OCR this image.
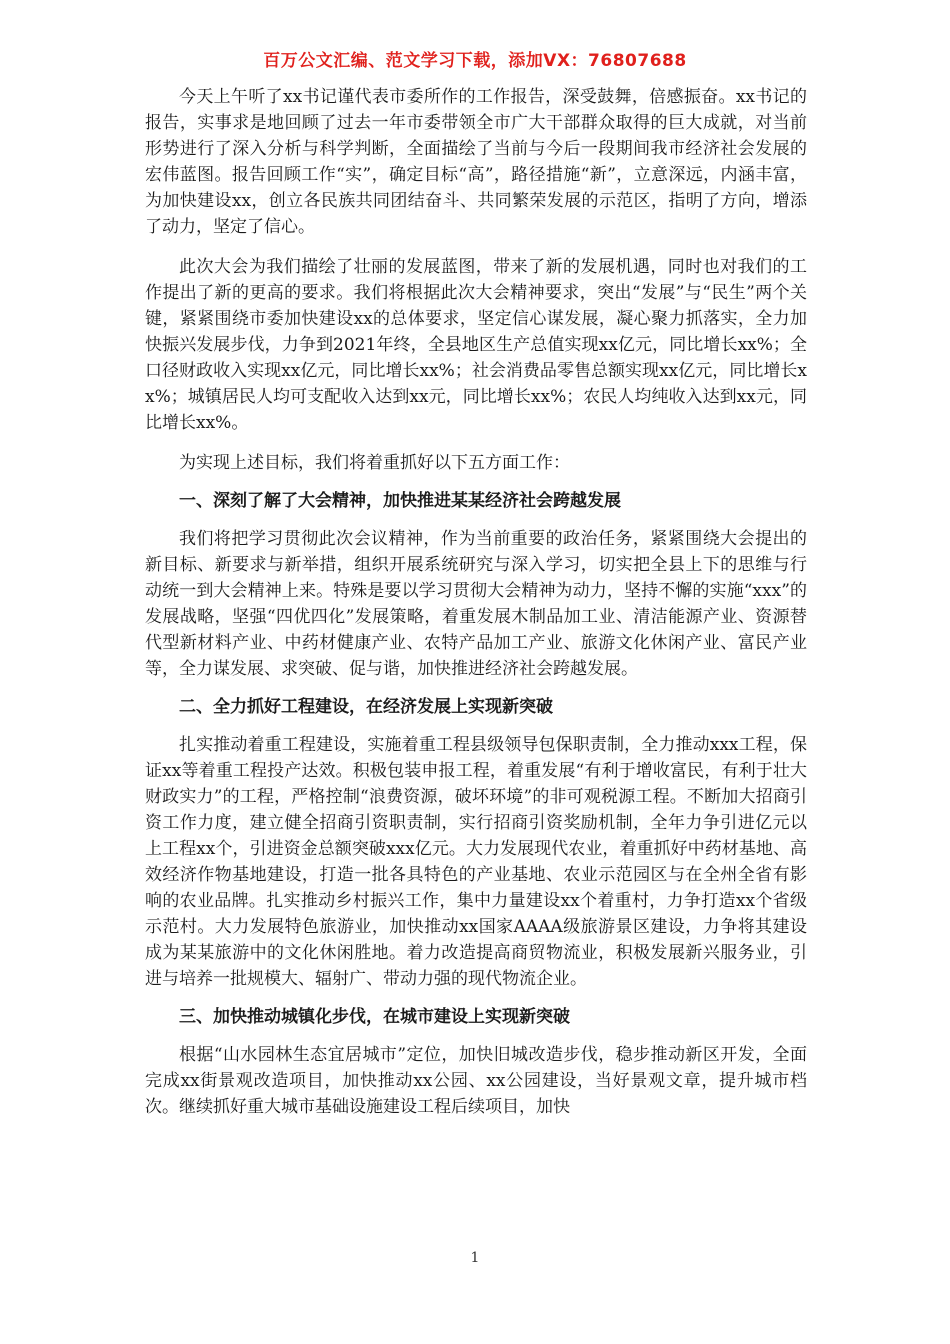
百万公文汇编、范文学习下载，添加VX：76807688

今天上午听了xx书记谨代表市委所作的工作报告，深受鼓舞，倍感振奋。xx书记的报告，实事求是地回顾了过去一年市委带领全市广大干部群众取得的巨大成就，对当前形势进行了深入分析与科学判断，全面描绘了当前与今后一段期间我市经济社会发展的宏伟蓝图。报告回顾工作“实”，确定目标“高”，路径措施“新”，立意深远，内涵丰富，为加快建设xx，创立各民族共同团结奋斗、共同繁荣发展的示范区，指明了方向，增添了动力，坚定了信心。

此次大会为我们描绘了壮丽的发展蓝图，带来了新的发展机遇，同时也对我们的工作提出了新的更高的要求。我们将根据此次大会精神要求，突出“发展”与“民生”两个关键，紧紧围绕市委加快建设xx的总体要求，坚定信心谋发展，凝心聚力抓落实，全力加快振兴发展步伐，力争到2021年终，全县地区生产总值实现xx亿元，同比增长xx%；全口径财政收入实现xx亿元，同比增长xx%；社会消费品零售总额实现xx亿元，同比增长xx%；城镇居民人均可支配收入达到xx元，同比增长xx%；农民人均纯收入达到xx元，同比增长xx%。

为实现上述目标，我们将着重抓好以下五方面工作：

一、深刻了解了大会精神，加快推进某某经济社会跨越发展

我们将把学习贯彻此次会议精神，作为当前重要的政治任务，紧紧围绕大会提出的新目标、新要求与新举措，组织开展系统研究与深入学习，切实把全县上下的思维与行动统一到大会精神上来。特殊是要以学习贯彻大会精神为动力，坚持不懈的实施“xxx”的发展战略，坚强“四优四化”发展策略，着重发展木制品加工业、清洁能源产业、资源替代型新材料产业、中药材健康产业、农特产品加工产业、旅游文化休闲产业、富民产业等，全力谋发展、求突破、促与谐，加快推进经济社会跨越发展。

二、全力抓好工程建设，在经济发展上实现新突破

扎实推动着重工程建设，实施着重工程县级领导包保职责制，全力推动xxx工程，保证xx等着重工程投产达效。积极包装申报工程，着重发展“有利于增收富民，有利于壮大财政实力”的工程，严格控制“浪费资源，破坏环境”的非可观税源工程。不断加大招商引资工作力度，建立健全招商引资职责制，实行招商引资奖励机制，全年力争引进亿元以上工程xx个，引进资金总额突破xxx亿元。大力发展现代农业，着重抓好中药材基地、高效经济作物基地建设，打造一批各具特色的产业基地、农业示范园区与在全州全省有影响的农业品牌。扎实推动乡村振兴工作，集中力量建设xx个着重村，力争打造xx个省级示范村。大力发展特色旅游业，加快推动xx国家AAAA级旅游景区建设，力争将其建设成为某某旅游中的文化休闲胜地。着力改造提高商贸物流业，积极发展新兴服务业，引进与培养一批规模大、辐射广、带动力强的现代物流企业。

三、加快推动城镇化步伐，在城市建设上实现新突破

根据“山水园林生态宜居城市”定位，加快旧城改造步伐，稳步推动新区开发，全面完成xx街景观改造项目，加快推动xx公园、xx公园建设，当好景观文章，提升城市档次。继续抓好重大城市基础设施建设工程后续项目，加快

1
